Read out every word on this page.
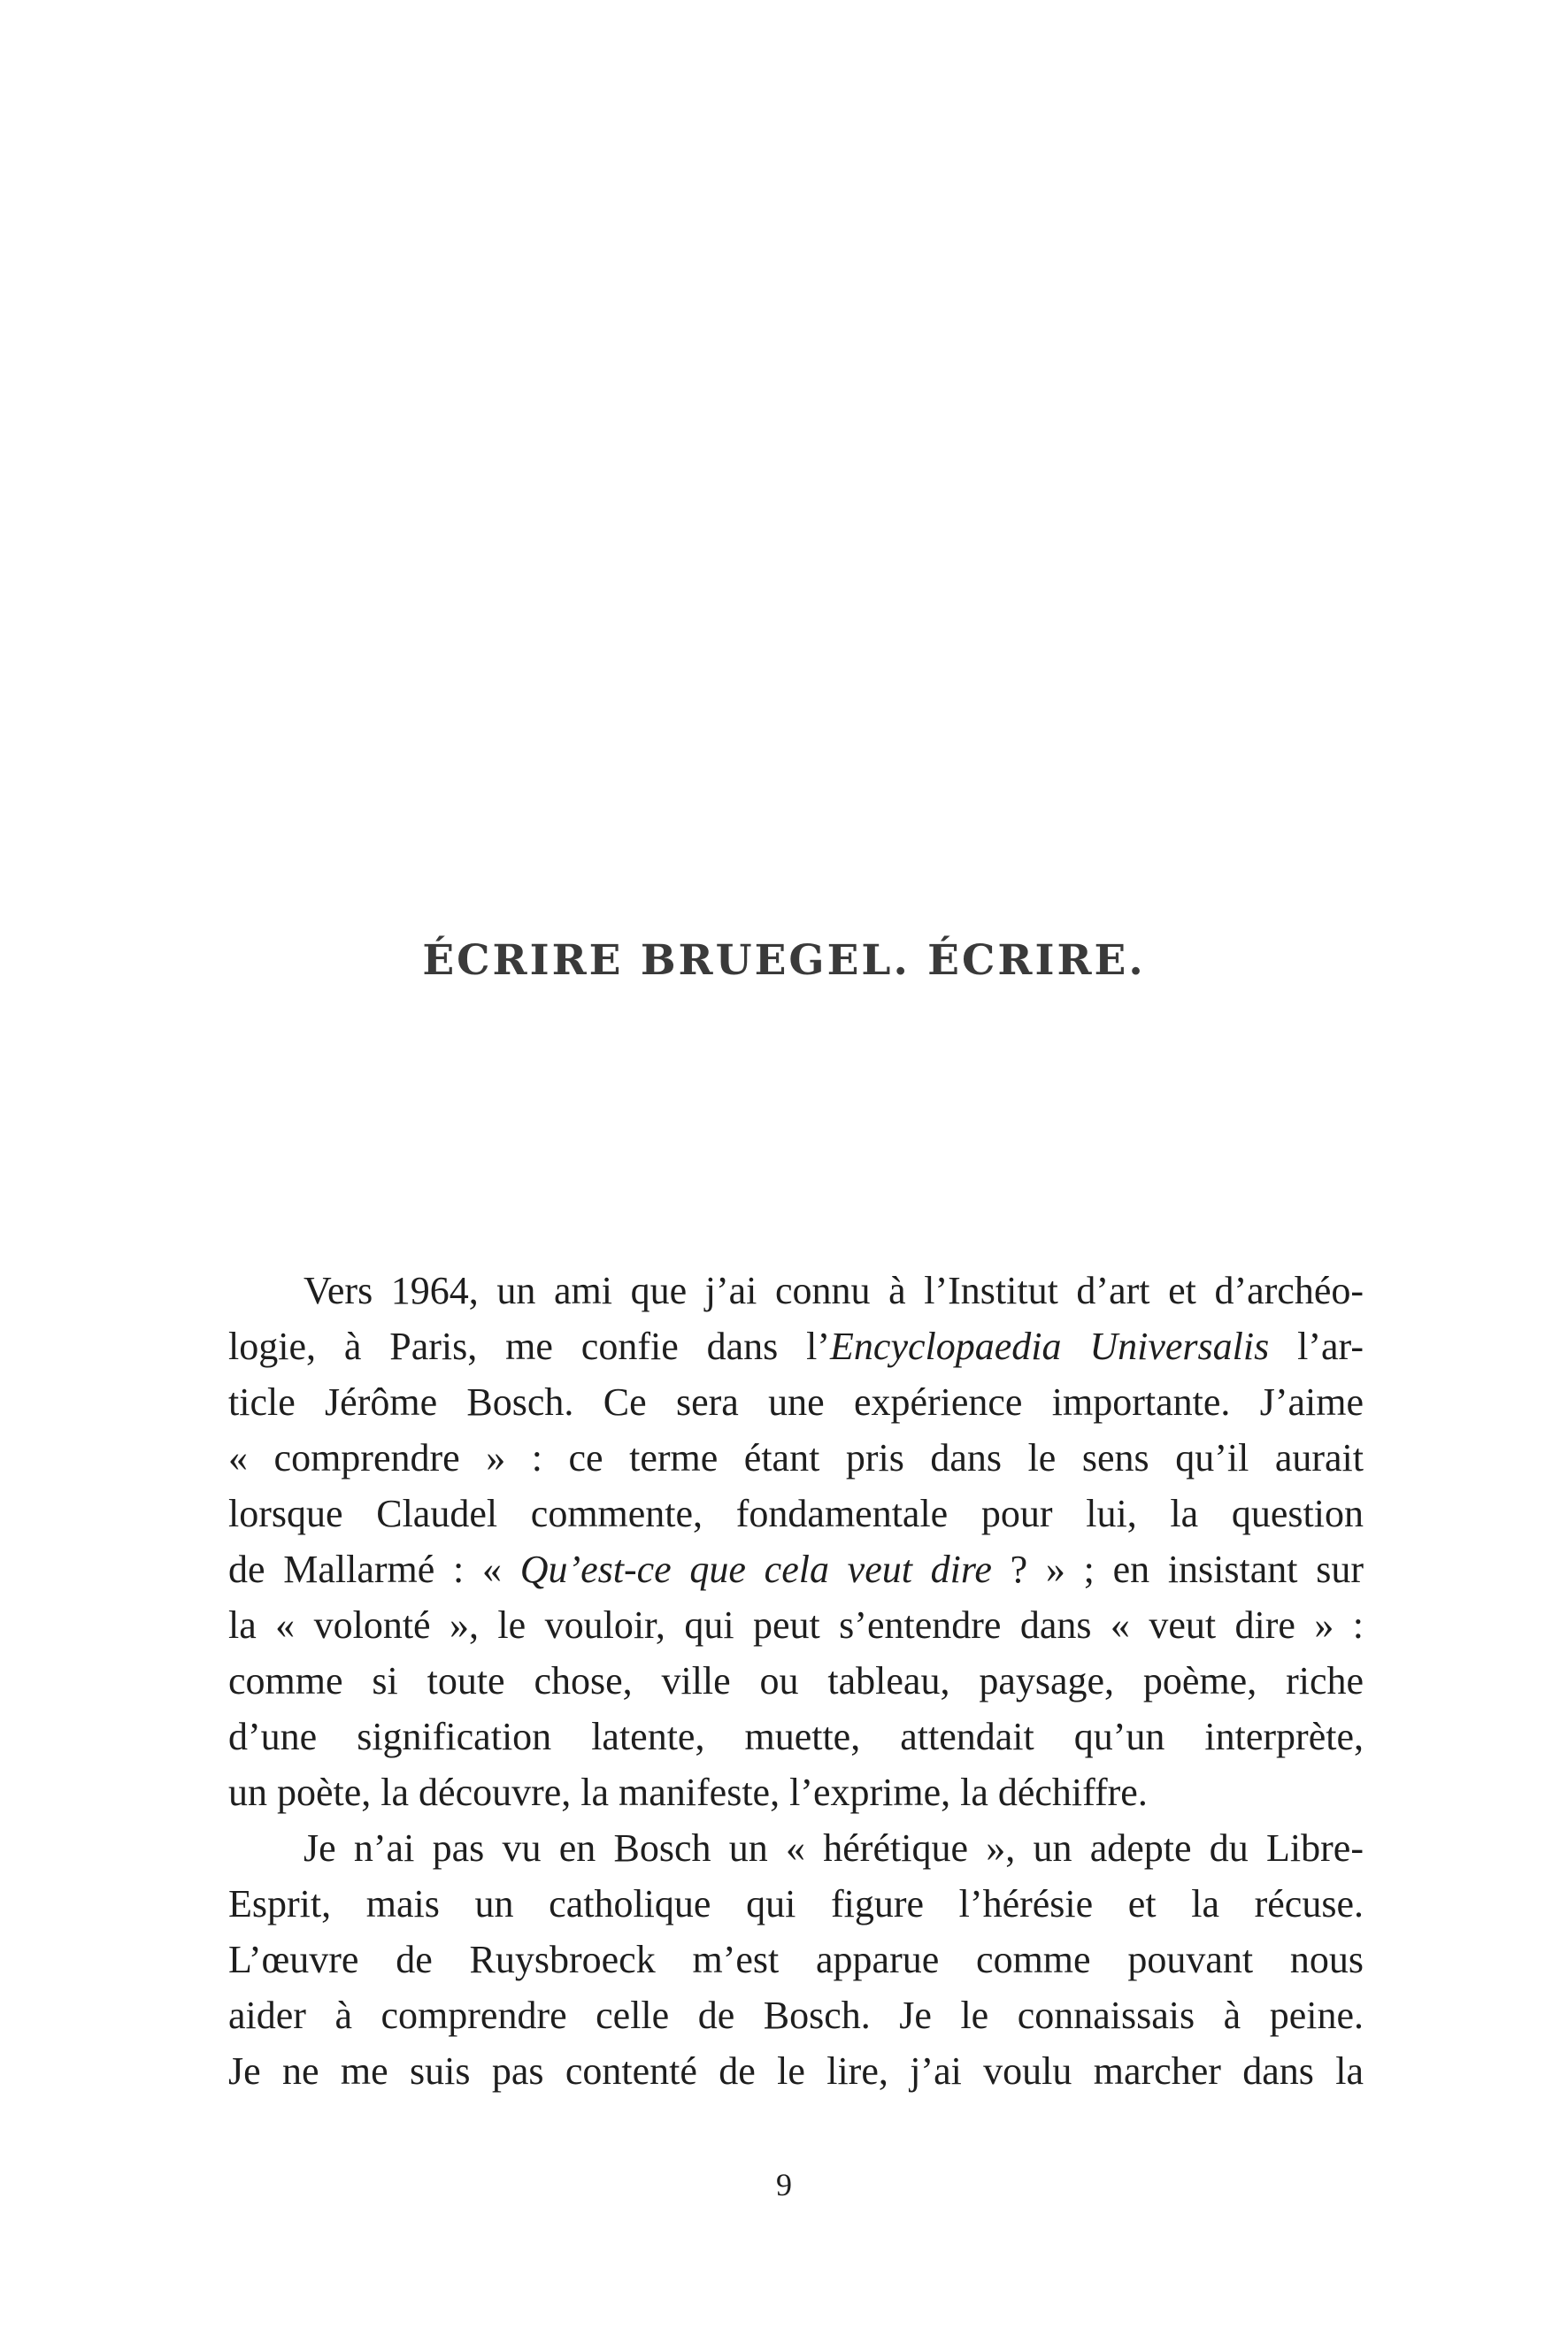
ÉCRIRE BRUEGEL. ÉCRIRE.
Vers 1964, un ami que j’ai connu à l’Institut d’art et d’archéo-
logie, à Paris, me confie dans l’Encyclopaedia Universalis l’ar-
ticle Jérôme Bosch. Ce sera une expérience importante. J’aime
« comprendre » : ce terme étant pris dans le sens qu’il aurait
lorsque Claudel commente, fondamentale pour lui, la question
de Mallarmé : « Qu’est-ce que cela veut dire ? » ; en insistant sur
la « volonté », le vouloir, qui peut s’entendre dans « veut dire » :
comme si toute chose, ville ou tableau, paysage, poème, riche
d’une signification latente, muette, attendait qu’un interprète,
un poète, la découvre, la manifeste, l’exprime, la déchiffre.
Je n’ai pas vu en Bosch un « hérétique », un adepte du Libre-
Esprit, mais un catholique qui figure l’hérésie et la récuse.
L’œuvre de Ruysbroeck m’est apparue comme pouvant nous
aider à comprendre celle de Bosch. Je le connaissais à peine.
Je ne me suis pas contenté de le lire, j’ai voulu marcher dans la
9
